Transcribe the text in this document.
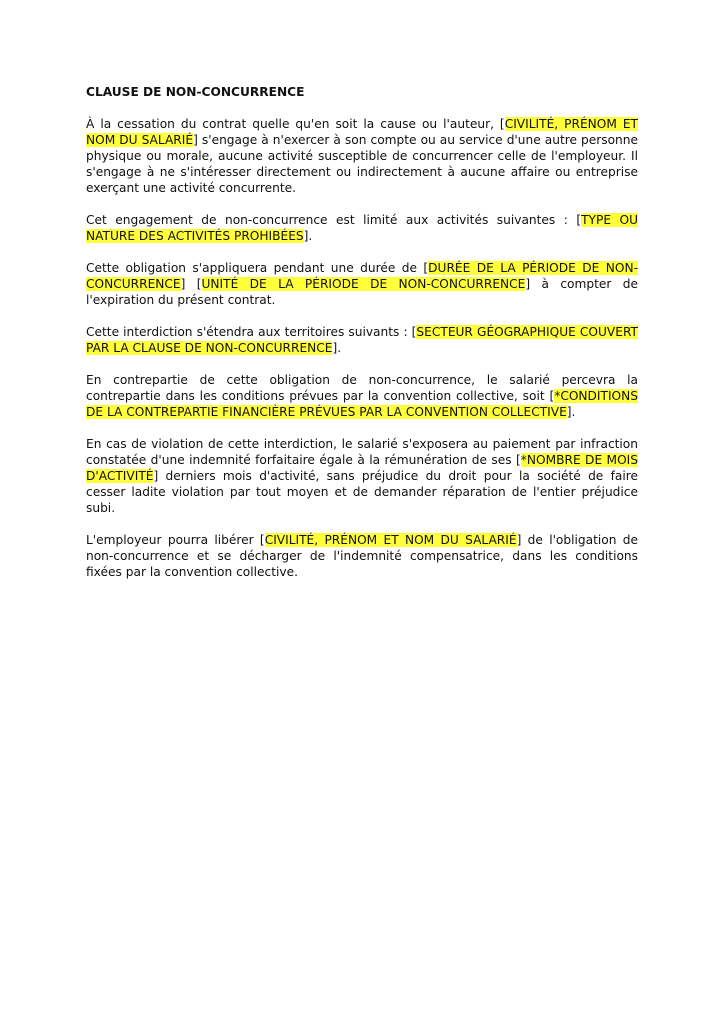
CLAUSE DE NON-CONCURRENCE

À la cessation du contrat quelle qu'en soit la cause ou l'auteur, [CIVILITÉ, PRÉNOM ET NOM DU SALARIÉ] s'engage à n'exercer à son compte ou au service d'une autre personne physique ou morale, aucune activité susceptible de concurrencer celle de l'employeur. Il s'engage à ne s'intéresser directement ou indirectement à aucune affaire ou entreprise exerçant une activité concurrente.

Cet engagement de non-concurrence est limité aux activités suivantes : [TYPE OU NATURE DES ACTIVITÉS PROHIBÉES].

Cette obligation s'appliquera pendant une durée de [DURÉE DE LA PÉRIODE DE NON-CONCURRENCE] [UNITÉ DE LA PÉRIODE DE NON-CONCURRENCE] à compter de l'expiration du présent contrat.

Cette interdiction s'étendra aux territoires suivants : [SECTEUR GÉOGRAPHIQUE COUVERT PAR LA CLAUSE DE NON-CONCURRENCE].

En contrepartie de cette obligation de non-concurrence, le salarié percevra la contrepartie dans les conditions prévues par la convention collective, soit [*CONDITIONS DE LA CONTREPARTIE FINANCIÈRE PRÉVUES PAR LA CONVENTION COLLECTIVE].

En cas de violation de cette interdiction, le salarié s'exposera au paiement par infraction constatée d'une indemnité forfaitaire égale à la rémunération de ses [*NOMBRE DE MOIS D'ACTIVITÉ] derniers mois d'activité, sans préjudice du droit pour la société de faire cesser ladite violation par tout moyen et de demander réparation de l'entier préjudice subi.

L'employeur pourra libérer [CIVILITÉ, PRÉNOM ET NOM DU SALARIÉ] de l'obligation de non-concurrence et se décharger de l'indemnité compensatrice, dans les conditions fixées par la convention collective.
